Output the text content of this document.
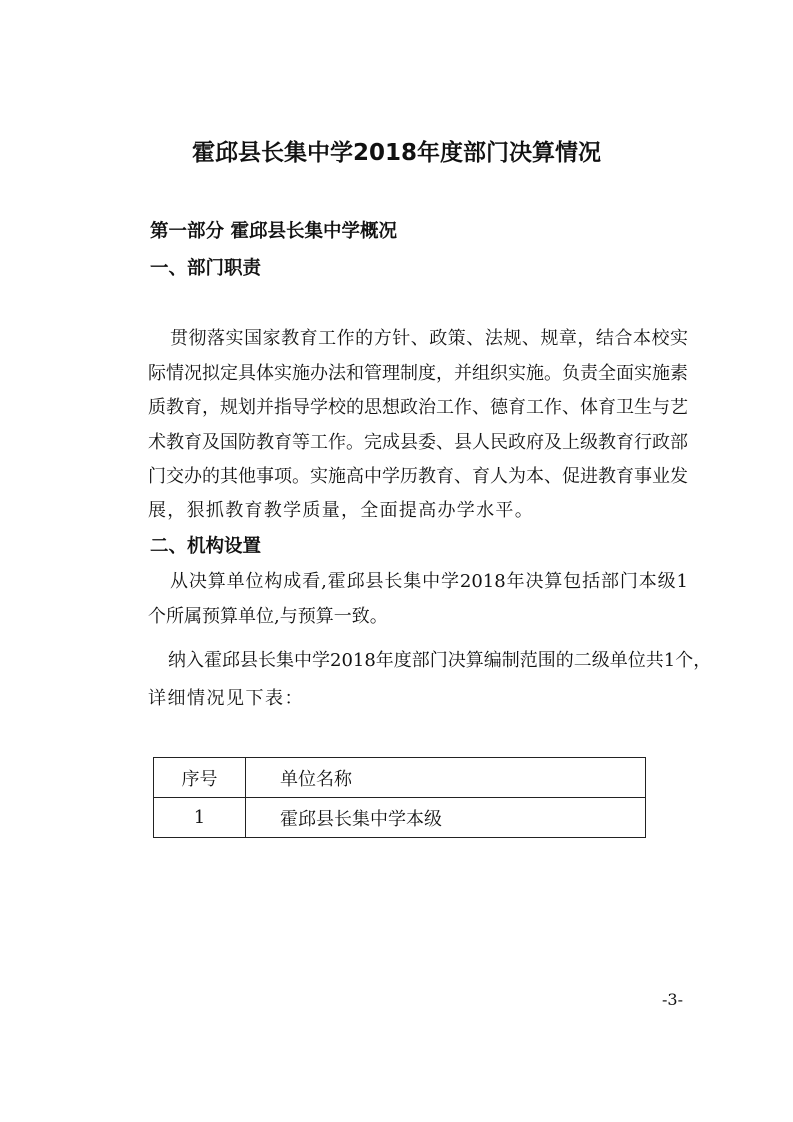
霍邱县长集中学2018年度部门决算情况
第一部分 霍邱县长集中学概况
一、部门职责
贯彻落实国家教育工作的方针、政策、法规、规章，结合本校实
际情况拟定具体实施办法和管理制度，并组织实施。负责全面实施素
质教育，规划并指导学校的思想政治工作、德育工作、体育卫生与艺
术教育及国防教育等工作。完成县委、县人民政府及上级教育行政部
门交办的其他事项。实施高中学历教育、育人为本、促进教育事业发
展，狠抓教育教学质量，全面提高办学水平。
二、机构设置
从决算单位构成看,霍邱县长集中学2018年决算包括部门本级1
个所属预算单位,与预算一致。
纳入霍邱县长集中学2018年度部门决算编制范围的二级单位共1个，
详细情况见下表：
序号	单位名称
1	霍邱县长集中学本级
-3-
